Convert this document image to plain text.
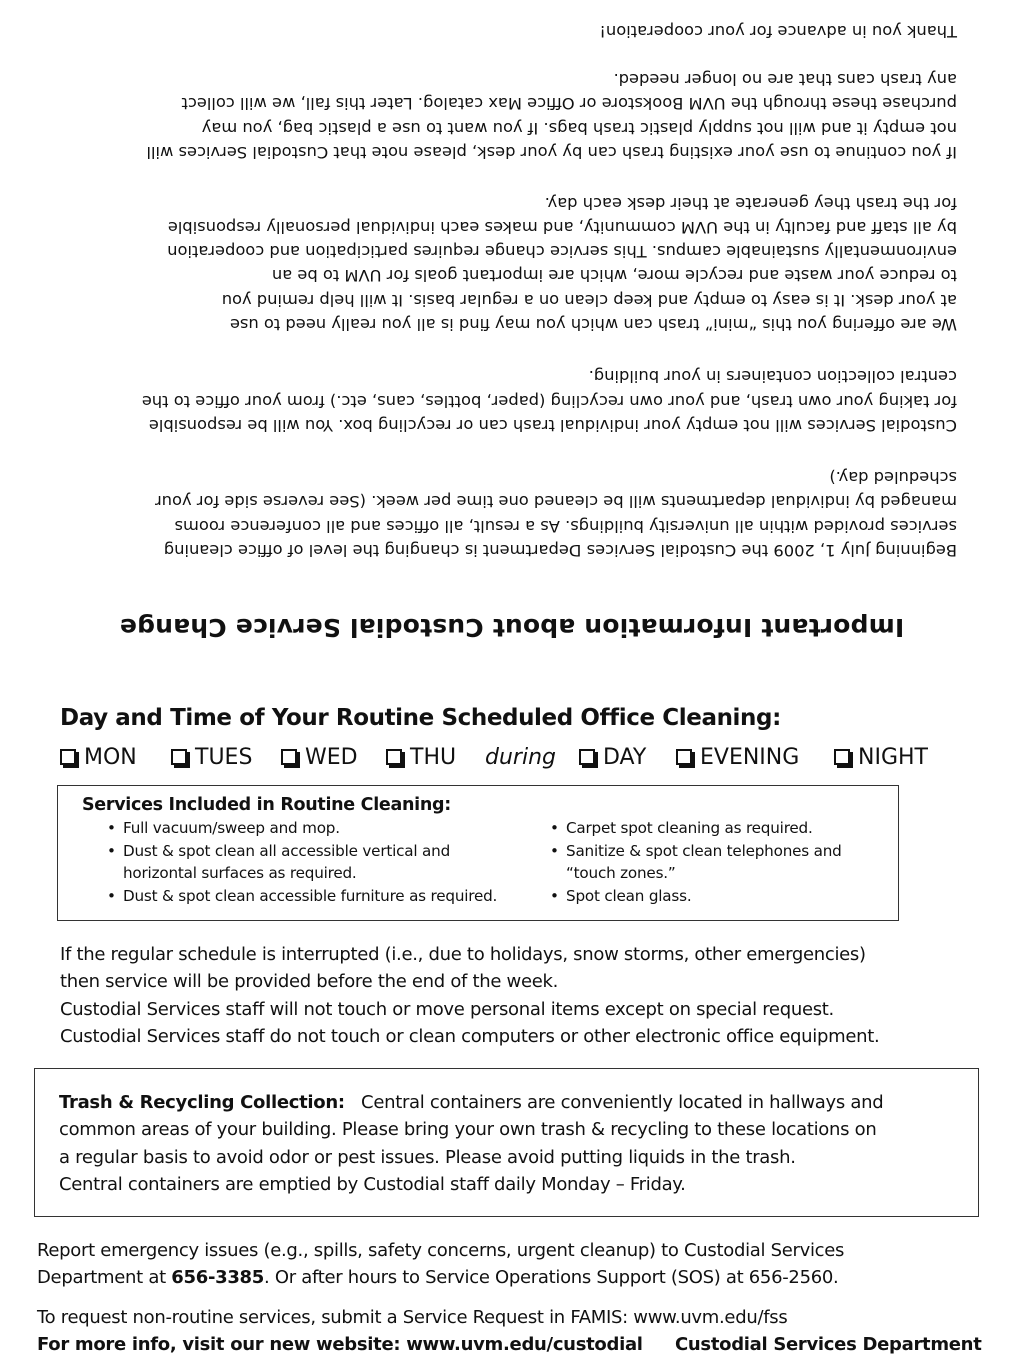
Important Information about Custodial Service Change

Beginning July 1, 2009 the Custodial Services Department is changing the level of office cleaning
services provided within all university buildings. As a result, all offices and all conference rooms
managed by individual departments will be cleaned one time per week. (See reverse side for your
scheduled day.)

Custodial Services will not empty your individual trash can or recycling box. You will be responsible
for taking your own trash, and your own recycling (paper, bottles, cans, etc.) from your office to the
central collection containers in your building.

We are offering you this “mini” trash can which you may find is all you really need to use
at your desk. It is easy to empty and keep clean on a regular basis. It will help remind you
to reduce your waste and recycle more, which are important goals for UVM to be an
environmentally sustainable campus. This service change requires participation and cooperation
by all staff and faculty in the UVM community, and makes each individual personally responsible
for the trash they generate at their desk each day.

If you continue to use your existing trash can by your desk, please note that Custodial Services will
not empty it and will not supply plastic trash bags. If you want to use a plastic bag, you may
purchase these through the UVM Bookstore or Office Max catalog. Later this fall, we will collect
any trash cans that are no longer needed.

Thank you in advance for your cooperation!

Day and Time of Your Routine Scheduled Office Cleaning:
MON	TUES	WED	THU during	DAY	EVENING	NIGHT
Services Included in Routine Cleaning:
• Full vacuum/sweep and mop.
• Dust & spot clean all accessible vertical and horizontal surfaces as required.
• Dust & spot clean accessible furniture as required.
• Carpet spot cleaning as required.
• Sanitize & spot clean telephones and “touch zones.”
• Spot clean glass.
If the regular schedule is interrupted (i.e., due to holidays, snow storms, other emergencies)
then service will be provided before the end of the week.
Custodial Services staff will not touch or move personal items except on special request.
Custodial Services staff do not touch or clean computers or other electronic office equipment.
Trash & Recycling Collection: Central containers are conveniently located in hallways and
common areas of your building. Please bring your own trash & recycling to these locations on
a regular basis to avoid odor or pest issues. Please avoid putting liquids in the trash.
Central containers are emptied by Custodial staff daily Monday – Friday.
Report emergency issues (e.g., spills, safety concerns, urgent cleanup) to Custodial Services
Department at 656-3385. Or after hours to Service Operations Support (SOS) at 656-2560.
To request non-routine services, submit a Service Request in FAMIS: www.uvm.edu/fss
For more info, visit our new website: www.uvm.edu/custodial Custodial Services Department
